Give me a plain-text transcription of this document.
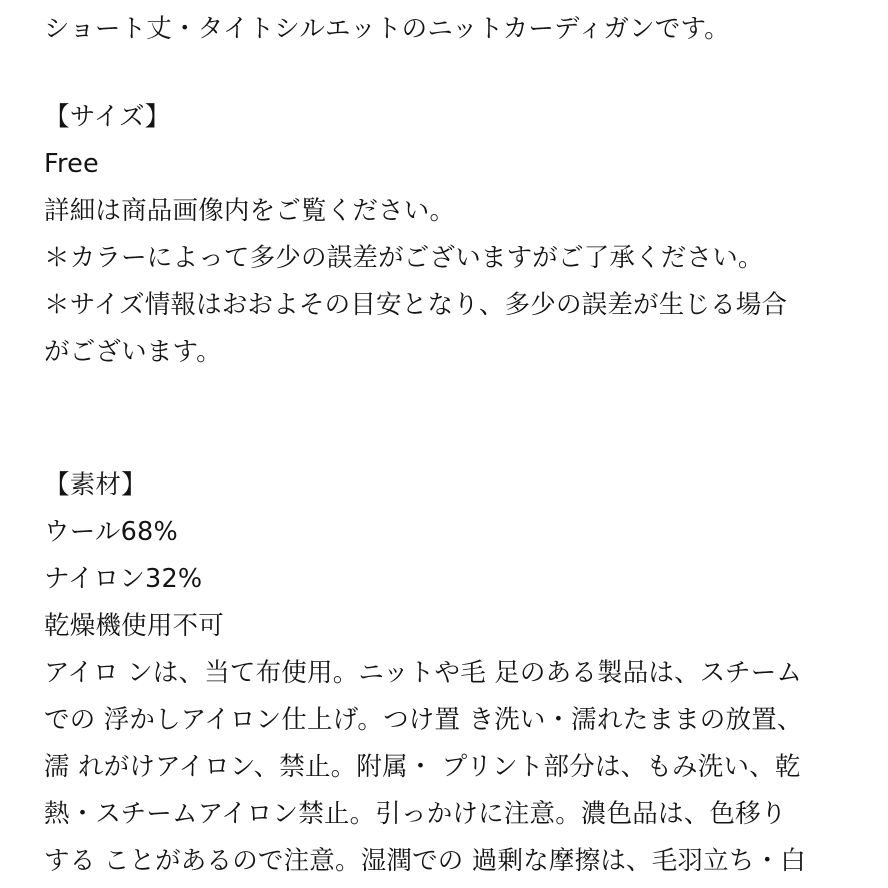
ショート丈・タイトシルエットのニットカーディガンです。
【サイズ】
Free
詳細は商品画像内をご覧ください。
＊カラーによって多少の誤差がございますがご了承ください。
＊サイズ情報はおおよその目安となり、多少の誤差が生じる場合
がございます。
【素材】
ウール68%
ナイロン32%
乾燥機使用不可
アイロ ンは、当て布使用。ニットや毛 足のある製品は、スチーム
での 浮かしアイロン仕上げ。つけ置 き洗い・濡れたままの放置、
濡 れがけアイロン、禁止。附属・ プリント部分は、もみ洗い、乾
熱・スチームアイロン禁止。引っかけに注意。濃色品は、色移り
する ことがあるので注意。湿潤での 過剰な摩擦は、毛羽立ち・白
